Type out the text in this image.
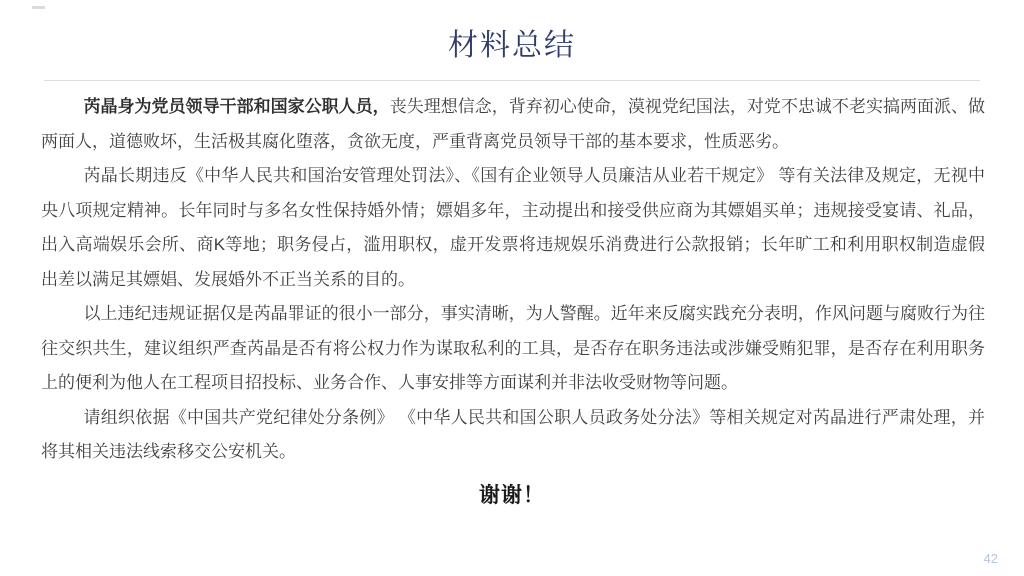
材料总结

芮晶身为党员领导干部和国家公职人员，丧失理想信念，背弃初心使命，漠视党纪国法，对党不忠诚不老实搞两面派、做两面人，道德败坏，生活极其腐化堕落，贪欲无度，严重背离党员领导干部的基本要求，性质恶劣。

芮晶长期违反《中华人民共和国治安管理处罚法》、《国有企业领导人员廉洁从业若干规定》 等有关法律及规定，无视中央八项规定精神。长年同时与多名女性保持婚外情；嫖娼多年，主动提出和接受供应商为其嫖娼买单；违规接受宴请、礼品，出入高端娱乐会所、商K等地；职务侵占，滥用职权，虚开发票将违规娱乐消费进行公款报销；长年旷工和利用职权制造虚假出差以满足其嫖娼、发展婚外不正当关系的目的。

以上违纪违规证据仅是芮晶罪证的很小一部分，事实清晰，为人警醒。近年来反腐实践充分表明，作风问题与腐败行为往往交织共生，建议组织严查芮晶是否有将公权力作为谋取私利的工具，是否存在职务违法或涉嫌受贿犯罪，是否存在利用职务上的便利为他人在工程项目招投标、业务合作、人事安排等方面谋利并非法收受财物等问题。

请组织依据《中国共产党纪律处分条例》 《中华人民共和国公职人员政务处分法》等相关规定对芮晶进行严肃处理，并将其相关违法线索移交公安机关。

谢谢！
42
